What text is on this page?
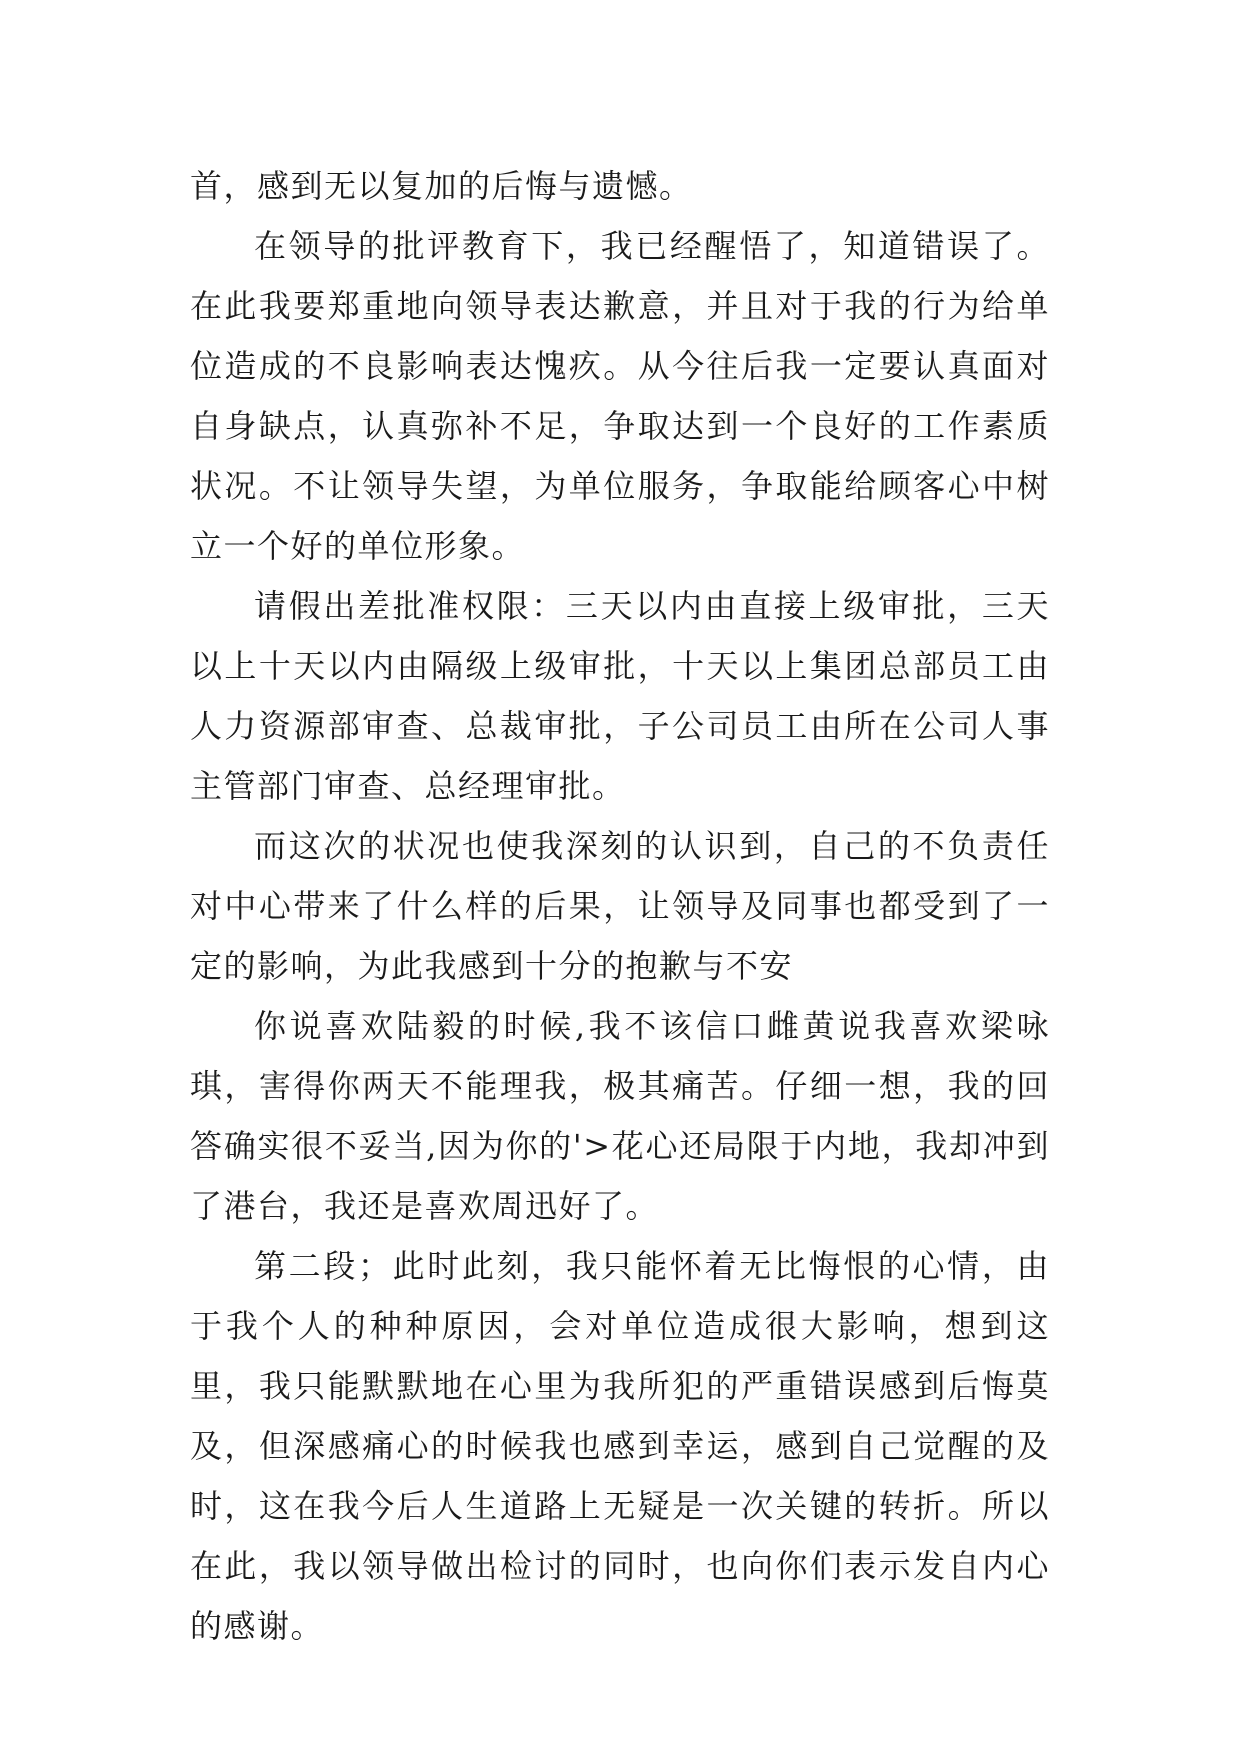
首，感到无以复加的后悔与遗憾。

在领导的批评教育下，我已经醒悟了，知道错误了。在此我要郑重地向领导表达歉意，并且对于我的行为给单位造成的不良影响表达愧疚。从今往后我一定要认真面对自身缺点，认真弥补不足，争取达到一个良好的工作素质状况。不让领导失望，为单位服务，争取能给顾客心中树立一个好的单位形象。

请假出差批准权限：三天以内由直接上级审批，三天以上十天以内由隔级上级审批，十天以上集团总部员工由人力资源部审查、总裁审批，子公司员工由所在公司人事主管部门审查、总经理审批。

而这次的状况也使我深刻的认识到，自己的不负责任对中心带来了什么样的后果，让领导及同事也都受到了一定的影响，为此我感到十分的抱歉与不安

你说喜欢陆毅的时候,我不该信口雌黄说我喜欢梁咏琪，害得你两天不能理我，极其痛苦。仔细一想，我的回答确实很不妥当,因为你的'>花心还局限于内地，我却冲到了港台，我还是喜欢周迅好了。

第二段；此时此刻，我只能怀着无比悔恨的心情，由于我个人的种种原因，会对单位造成很大影响，想到这里，我只能默默地在心里为我所犯的严重错误感到后悔莫及，但深感痛心的时候我也感到幸运，感到自己觉醒的及时，这在我今后人生道路上无疑是一次关键的转折。所以在此，我以领导做出检讨的同时，也向你们表示发自内心的感谢。
